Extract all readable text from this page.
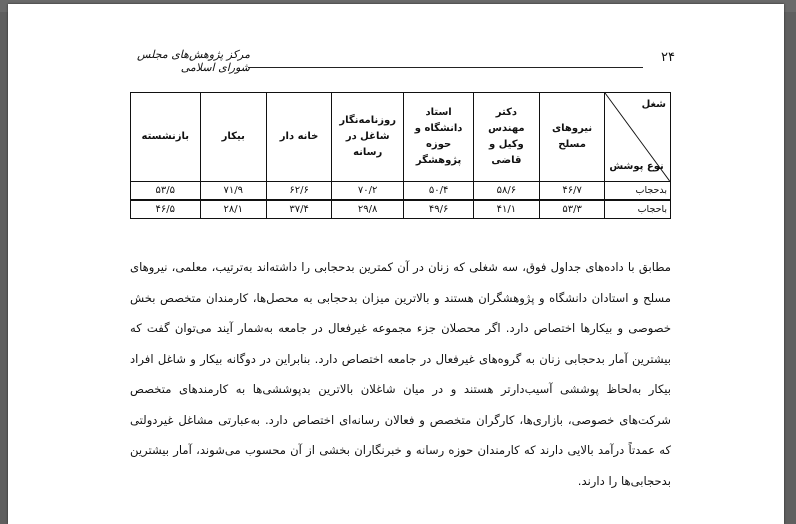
۲۴
مرکز پژوهش‌های مجلس شورای اسلامی
شغل
نوع پوشش	نیروهای مسلح	دکتر مهندس وکیل و قاضی	استاد دانشگاه و حوزه پژوهشگر	روزنامه‌نگار شاغل در رسانه	خانه دار	بیکار	بازنشسته
بدحجاب	۴۶/۷	۵۸/۶	۵۰/۴	۷۰/۲	۶۲/۶	۷۱/۹	۵۳/۵
باحجاب	۵۳/۳	۴۱/۱	۴۹/۶	۲۹/۸	۳۷/۴	۲۸/۱	۴۶/۵

مطابق با داده‌های جداول فوق، سه شغلی که زنان در آن کمترین بدحجابی را داشته‌اند به‌ترتیب، معلمی، نیروهای مسلح و استادان دانشگاه و پژوهشگران هستند و بالاترین میزان بدحجابی به محصل‌ها، کارمندان متخصص بخش خصوصی و بیکارها اختصاص دارد. اگر محصلان جزء مجموعه غیرفعال در جامعه به‌شمار آیند می‌توان گفت که بیشترین آمار بدحجابی زنان به گروه‌های غیرفعال در جامعه اختصاص دارد. بنابراین در دوگانه بیکار و شاغل افراد بیکار به‌لحاظ پوششی آسیب‌دارتر هستند و در میان شاغلان بالاترین بدپوششی‌ها به کارمندهای متخصص شرکت‌های خصوصی، بازاری‌ها، کارگران متخصص و فعالان رسانه‌ای اختصاص دارد. به‌عبارتی مشاغل غیردولتی که عمدتاً درآمد بالایی دارند که کارمندان حوزه رسانه و خبرنگاران بخشی از آن محسوب می‌شوند، آمار بیشترین بدحجابی‌ها را دارند.
